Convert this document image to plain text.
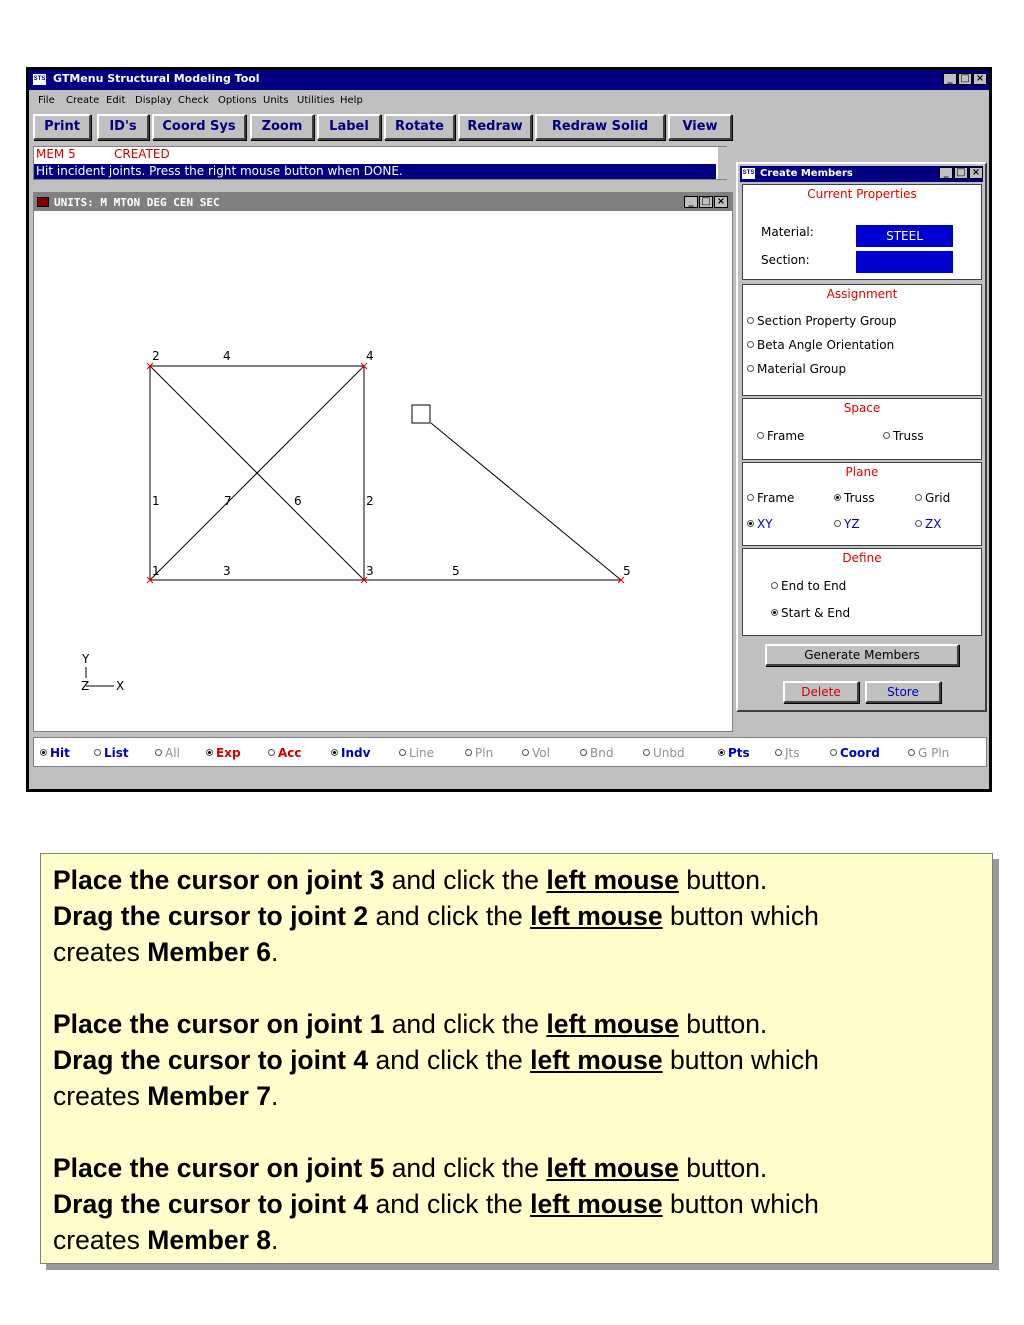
STS GTMenu Structural Modeling Tool	_ □ ×
File Create Edit Display Check Options Units Utilities Help
Print	ID's	Coord Sys	Zoom	Label	Rotate	Redraw	Redraw Solid	View
MEM 5	CREATED
Hit incident joints. Press the right mouse button when DONE.
UNITS: M MTON DEG CEN SEC	_ □ ×
2	4	4
1	7	6	2
1	3	3	5	5
Y
Z X
STS Create Members	_ □ ×
Current Properties
Material:	STEEL
Section:
Assignment
Section Property Group
Beta Angle Orientation
Material Group
Space
Frame	Truss
Plane
Frame	Truss	Grid
XY	YZ	ZX
Define
End to End
Start & End
Generate Members
Delete	Store
Hit	List	All	Exp	Acc	Indv	Line	Pln	Vol	Bnd	Unbd	Pts	Jts	Coord	G Pln

Place the cursor on joint 3 and click the left mouse button.

Drag the cursor to joint 2 and click the left mouse button which

creates Member 6.

Place the cursor on joint 1 and click the left mouse button.

Drag the cursor to joint 4 and click the left mouse button which

creates Member 7.

Place the cursor on joint 5 and click the left mouse button.

Drag the cursor to joint 4 and click the left mouse button which

creates Member 8.
